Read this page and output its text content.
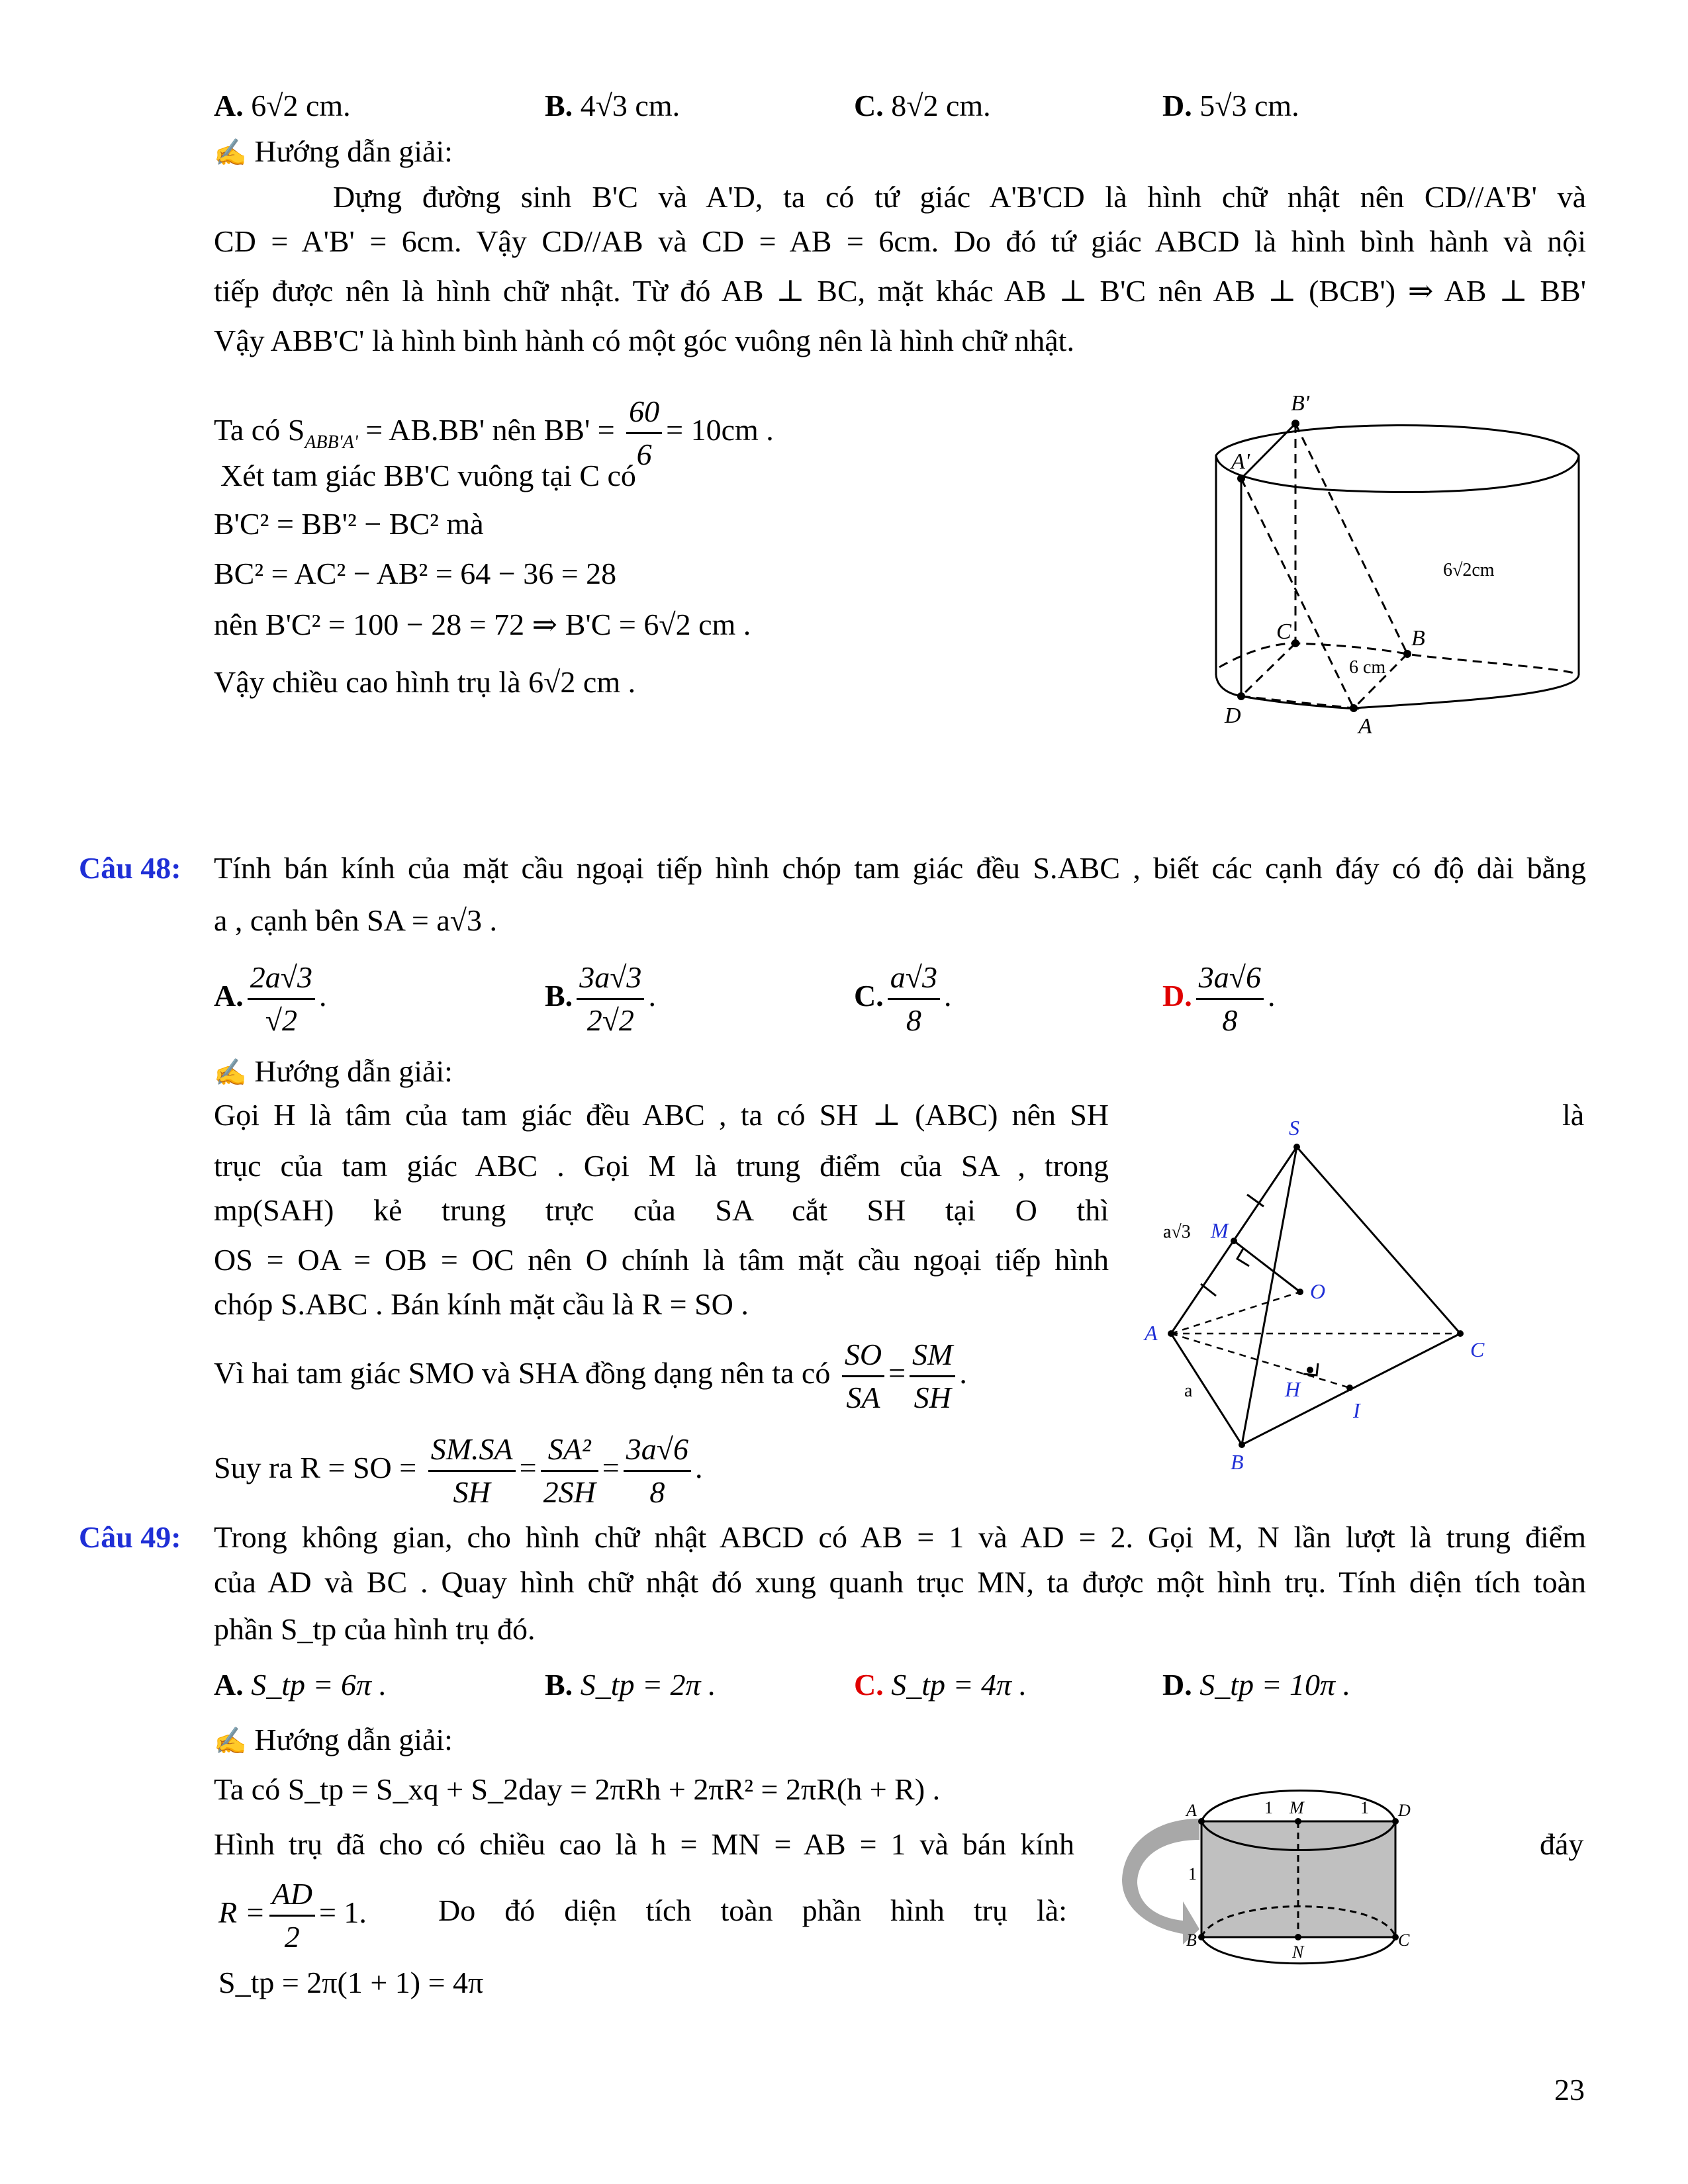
A. 6√2 cm.	B. 4√3 cm.	C. 8√2 cm.	D. 5√3 cm.
✍ Hướng dẫn giải:
Dựng đường sinh B'C và A'D, ta có tứ giác A'B'CD là hình chữ nhật nên CD//A'B' và
CD = A'B' = 6cm. Vậy CD//AB và CD = AB = 6cm. Do đó tứ giác ABCD là hình bình hành và nội
tiếp được nên là hình chữ nhật. Từ đó AB ⊥ BC, mặt khác AB ⊥ B'C nên AB ⊥ (BCB') ⇒ AB ⊥ BB'
Vậy ABB'C' là hình bình hành có một góc vuông nên là hình chữ nhật.
Ta có $S_{ABB'A'} = AB.BB'$ nên $BB' = \frac{60}{6} = 10cm$ .
Xét tam giác BB'C vuông tại C có
B'C² = BB'² − BC² mà
BC² = AC² − AB² = 64 − 36 = 28
nên B'C² = 100 − 28 = 72 ⇒ B'C = 6√2 cm .
Vậy chiều cao hình trụ là 6√2 cm .
B'
A'
C	B
D	A
6√2cm
6 cm
Câu 48: Tính bán kính của mặt cầu ngoại tiếp hình chóp tam giác đều S.ABC , biết các cạnh đáy có độ dài bằng
a , cạnh bên SA = a√3 .
A. $\frac{2a√3}{√2}$ .	B. $\frac{3a√3}{2√2}$ .	C. $\frac{a√3}{8}$ .	D. $\frac{3a√6}{8}$ .
✍ Hướng dẫn giải:
Gọi H là tâm của tam giác đều ABC , ta có SH ⊥ (ABC) nên SH	là
trục của tam giác ABC . Gọi M là trung điểm của SA , trong
mp(SAH) kẻ trung trực của SA cắt SH tại O thì
OS = OA = OB = OC nên O chính là tâm mặt cầu ngoại tiếp hình
chóp S.ABC . Bán kính mặt cầu là R = SO .
Vì hai tam giác SMO và SHA đồng dạng nên ta có $\frac{SO}{SA} = \frac{SM}{SH}$ .
Suy ra R = SO = $\frac{SM.SA}{SH} = \frac{\text{SA²}}{2SH} = \frac{3a√6}{8}$ .
S
M
O
A
C
H
I
B
a
a√3
Câu 49: Trong không gian, cho hình chữ nhật ABCD có AB = 1 và AD = 2. Gọi M, N lần lượt là trung điểm
của AD và BC . Quay hình chữ nhật đó xung quanh trục MN, ta được một hình trụ. Tính diện tích toàn
phần S_tp của hình trụ đó.
A. S_tp = 6π .	B. S_tp = 2π .	C. S_tp = 4π .	D. S_tp = 10π .
✍ Hướng dẫn giải:
Ta có S_tp = S_xq + S_2day = 2πRh + 2πR² = 2πR(h + R) .
Hình trụ đã cho có chiều cao là h = MN = AB = 1 và bán kính	đáy
$R = \frac{AD}{2} = 1$. Do đó diện tích toàn phần hình trụ là:
S_tp = 2π(1 + 1) = 4π
A	M	D
B
N
C
1	1
1
23
